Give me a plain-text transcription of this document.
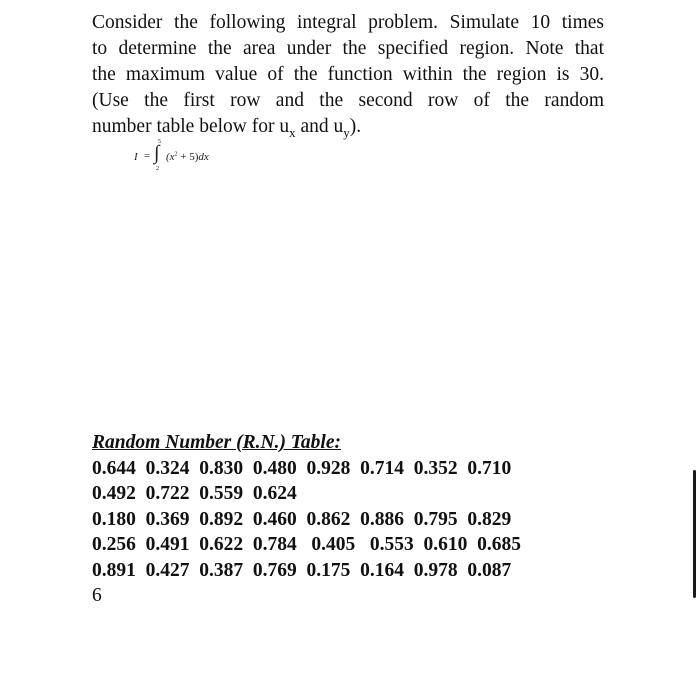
Consider the following integral problem. Simulate 10 times
to determine the area under the specified region. Note that
the maximum value of the function within the region is 30.
(Use the first row and the second row of the random
number table below for $u_x$ and $u_y$).
I =
5
∫
2
$(x^2 + 5)dx$
Random Number (R.N.) Table:
0.644  0.324  0.830  0.480  0.928  0.714  0.352  0.710
0.492  0.722  0.559  0.624
0.180  0.369  0.892  0.460  0.862  0.886  0.795  0.829
0.256  0.491  0.622  0.784   0.405   0.553  0.610  0.685
0.891  0.427  0.387  0.769  0.175  0.164  0.978  0.087
6
